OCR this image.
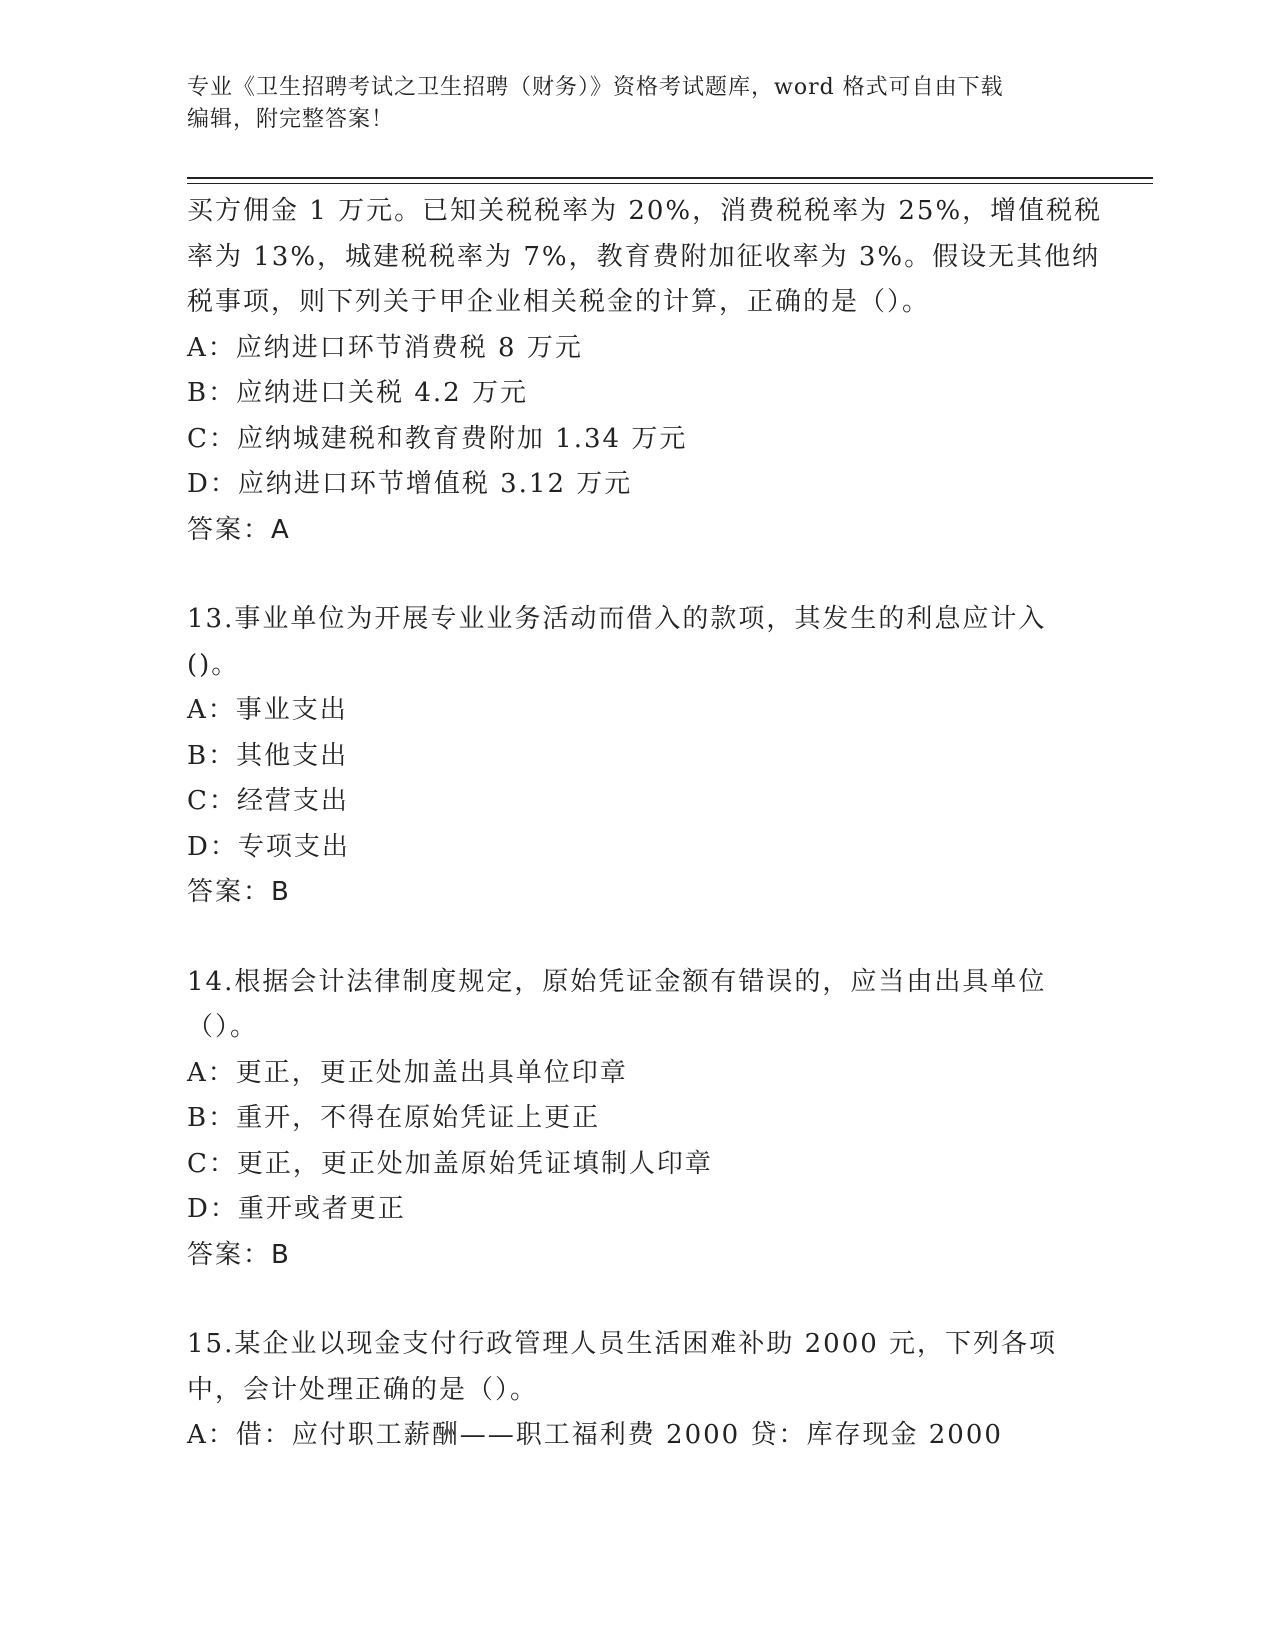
专业《卫生招聘考试之卫生招聘（财务）》资格考试题库，word 格式可自由下载
编辑，附完整答案！
买方佣金 1 万元。已知关税税率为 20%，消费税税率为 25%，增值税税
率为 13%，城建税税率为 7%，教育费附加征收率为 3%。假设无其他纳
税事项，则下列关于甲企业相关税金的计算，正确的是（）。
A：应纳进口环节消费税 8 万元
B：应纳进口关税 4.2 万元
C：应纳城建税和教育费附加 1.34 万元
D：应纳进口环节增值税 3.12 万元
答案：A
13.事业单位为开展专业业务活动而借入的款项，其发生的利息应计入
()。
A：事业支出
B：其他支出
C：经营支出
D：专项支出
答案：B
14.根据会计法律制度规定，原始凭证金额有错误的，应当由出具单位
（）。
A：更正，更正处加盖出具单位印章
B：重开，不得在原始凭证上更正
C：更正，更正处加盖原始凭证填制人印章
D：重开或者更正
答案：B
15.某企业以现金支付行政管理人员生活困难补助 2000 元，下列各项
中，会计处理正确的是（）。
A：借：应付职工薪酬——职工福利费 2000 贷：库存现金 2000
